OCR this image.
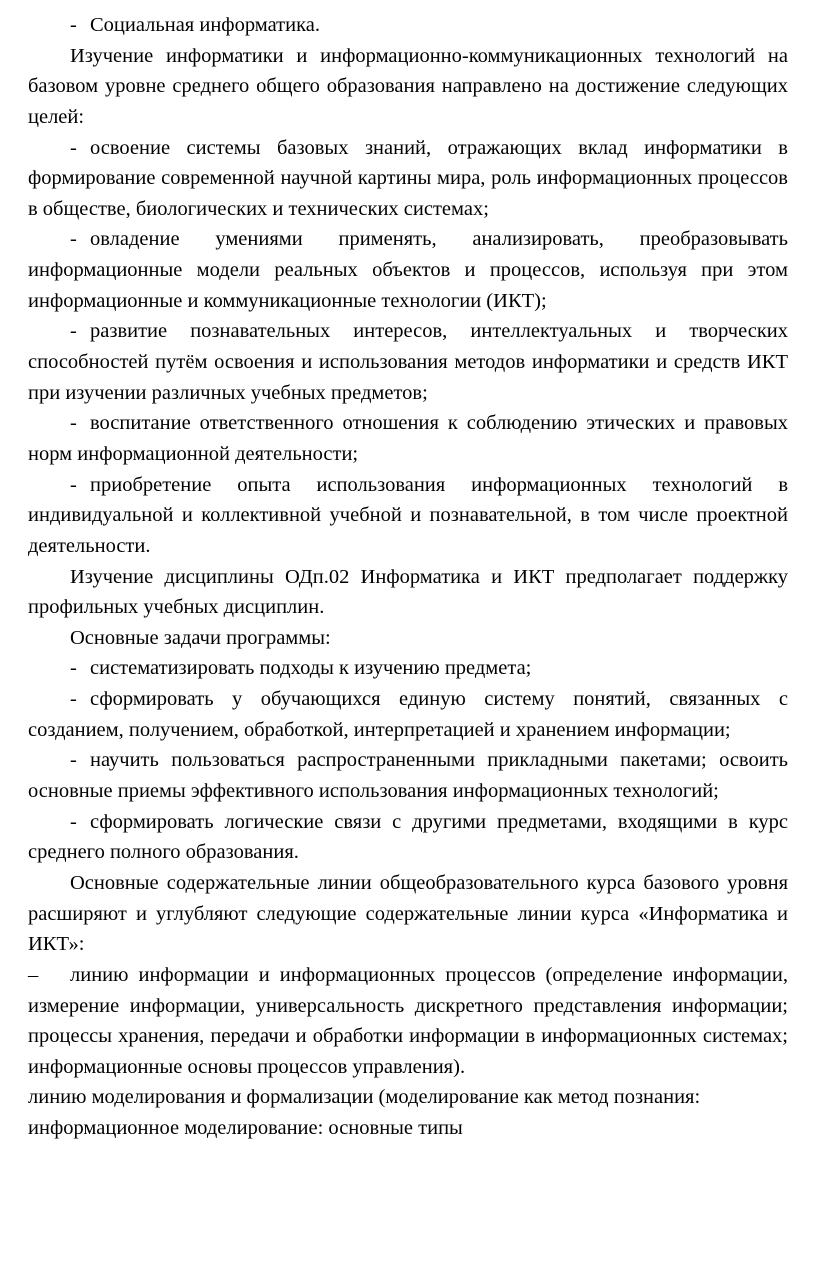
- Социальная информатика.

Изучение информатики и информационно-коммуникационных технологий на базовом уровне среднего общего образования направлено на достижение следующих целей:

- освоение системы базовых знаний, отражающих вклад информатики в формирование современной научной картины мира, роль информационных процессов в обществе, биологических и технических системах;

- овладение умениями применять, анализировать, преобразовывать информационные модели реальных объектов и процессов, используя при этом информационные и коммуникационные технологии (ИКТ);

- развитие познавательных интересов, интеллектуальных и творческих способностей путём освоения и использования методов информатики и средств ИКТ при изучении различных учебных предметов;

- воспитание ответственного отношения к соблюдению этических и правовых норм информационной деятельности;

- приобретение опыта использования информационных технологий в индивидуальной и коллективной учебной и познавательной, в том числе проектной деятельности.

Изучение дисциплины ОДп.02 Информатика и ИКТ предполагает поддержку профильных учебных дисциплин.

Основные задачи программы:

- систематизировать подходы к изучению предмета;

- сформировать у обучающихся единую систему понятий, связанных с созданием, получением, обработкой, интерпретацией и хранением информации;

- научить пользоваться распространенными прикладными пакетами; освоить основные приемы эффективного использования информационных технологий;

- сформировать логические связи с другими предметами, входящими в курс среднего полного образования.

Основные содержательные линии общеобразовательного курса базового уровня расширяют и углубляют следующие содержательные линии курса «Информатика и ИКТ»:

– линию информации и информационных процессов (определение информации, измерение информации, универсальность дискретного представления информации; процессы хранения, передачи и обработки информации в информационных системах; информационные основы процессов управления).

линию моделирования и формализации (моделирование как метод познания: информационное моделирование: основные типы
